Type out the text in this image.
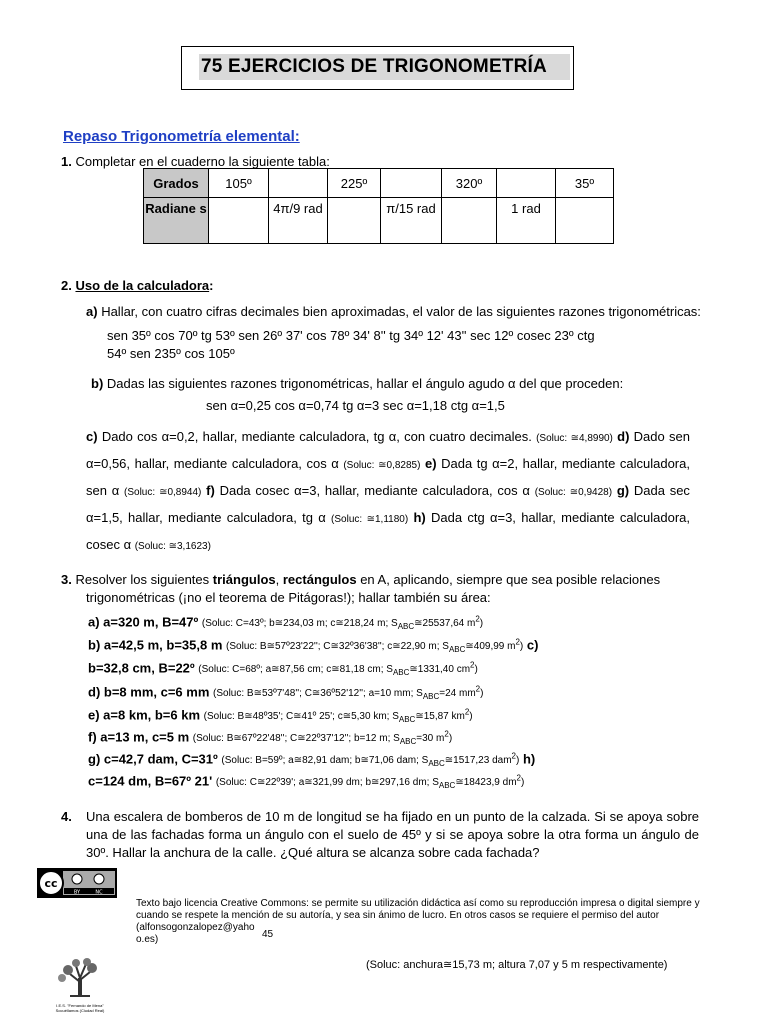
75 EJERCICIOS DE TRIGONOMETRÍA
Repaso Trigonometría elemental:
1. Completar en el cuaderno la siguiente tabla:
Grados	105º		225º		320º		35º
Radiane s		4π/9 rad		π/15 rad		1 rad	
2. Uso de la calculadora:
a) Hallar, con cuatro cifras decimales bien aproximadas, el valor de las siguientes razones trigonométricas:
sen 35º cos 70º tg 53º sen 26º 37' cos 78º 34' 8'' tg 34º 12' 43'' sec 12º cosec 23º ctg
54º sen 235º cos 105º
b) Dadas las siguientes razones trigonométricas, hallar el ángulo agudo α del que proceden:
sen α=0,25 cos α=0,74 tg α=3 sec α=1,18 ctg α=1,5
c) Dado cos α=0,2, hallar, mediante calculadora, tg α, con cuatro decimales. (Soluc: ≅4,8990) d) Dado sen α=0,56, hallar, mediante calculadora, cos α (Soluc: ≅0,8285) e) Dada tg α=2, hallar, mediante calculadora, sen α (Soluc: ≅0,8944) f) Dada cosec α=3, hallar, mediante calculadora, cos α (Soluc: ≅0,9428) g) Dada sec α=1,5, hallar, mediante calculadora, tg α (Soluc: ≅1,1180) h) Dada ctg α=3, hallar, mediante calculadora, cosec α (Soluc: ≅3,1623)
3. Resolver los siguientes triángulos, rectángulos en A, aplicando, siempre que sea posible relaciones
trigonométricas (¡no el teorema de Pitágoras!); hallar también su área:
a) a=320 m, B=47º (Soluc: C=43º; b≅234,03 m; c≅218,24 m; $S_{ABC}≅25537,64$ $m^2$)
b) a=42,5 m, b=35,8 m (Soluc: B≅57º23'22''; C≅32º36'38''; c≅22,90 m; $S_{ABC}≅409,99$ $m^2$) c)
b=32,8 cm, B=22º (Soluc: C=68º; a≅87,56 cm; c≅81,18 cm; $S_{ABC}≅1331,40$ $cm^2$)
d) b=8 mm, c=6 mm (Soluc: B≅53º7'48''; C≅36º52'12''; a=10 mm; $S_{ABC}=24$ $mm^2$)
e) a=8 km, b=6 km (Soluc: B≅48º35'; C≅41º 25'; c≅5,30 km; $S_{ABC}≅15,87$ $km^2$)
f) a=13 m, c=5 m (Soluc: B≅67º22'48''; C≅22º37'12''; b=12 m; $S_{ABC}=30$ $m^2$)
g) c=42,7 dam, C=31º (Soluc: B=59º; a≅82,91 dam; b≅71,06 dam; $S_{ABC}≅1517,23$ dam$^2$) h)
c=124 dm, B=67º 21' (Soluc: C≅22º39'; a≅321,99 dm; b≅297,16 dm; $S_{ABC}≅18423,9$ $dm^2$)
4. Una escalera de bomberos de 10 m de longitud se ha fijado en un punto de la calzada. Si se apoya sobre una de las fachadas forma un ángulo con el suelo de 45º y si se apoya sobre la otra forma un ángulo de 30º. Hallar la anchura de la calle. ¿Qué altura se alcanza sobre cada fachada?
cc
BY	NC
Texto bajo licencia Creative Commons: se permite su utilización didáctica así como su reproducción impresa o digital siempre y cuando se respete la mención de su autoría, y sea sin ánimo de lucro. En otros casos se requiere el permiso del autor
(alfonsogonzalopez@yaho
o.es)	45
(Soluc: anchura≅15,73 m; altura 7,07 y 5 m respectivamente)
I.E.S. "Fernando de Mena"
Socuéllamos (Ciudad Real)
